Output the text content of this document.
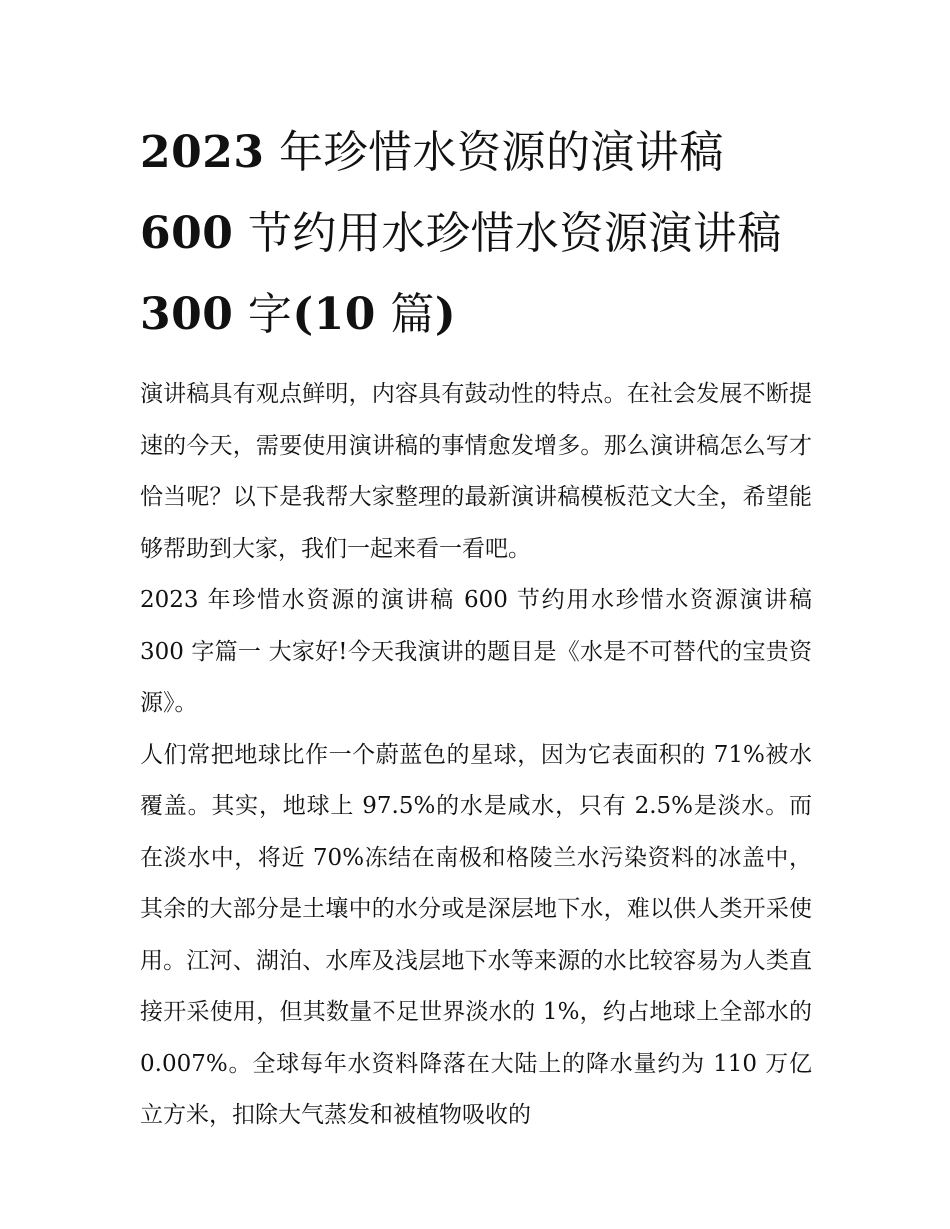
2023 年珍惜水资源的演讲稿 600 节约用水珍惜水资源演讲稿 300 字(10 篇)

演讲稿具有观点鲜明，内容具有鼓动性的特点。在社会发展不断提速的今天，需要使用演讲稿的事情愈发增多。那么演讲稿怎么写才恰当呢？以下是我帮大家整理的最新演讲稿模板范文大全，希望能够帮助到大家，我们一起来看一看吧。

2023 年珍惜水资源的演讲稿 600 节约用水珍惜水资源演讲稿 300 字篇一 大家好!今天我演讲的题目是《水是不可替代的宝贵资源》。

人们常把地球比作一个蔚蓝色的星球，因为它表面积的 71%被水覆盖。其实，地球上 97.5%的水是咸水，只有 2.5%是淡水。而在淡水中，将近 70%冻结在南极和格陵兰水污染资料的冰盖中，其余的大部分是土壤中的水分或是深层地下水，难以供人类开采使用。江河、湖泊、水库及浅层地下水等来源的水比较容易为人类直接开采使用，但其数量不足世界淡水的 1%，约占地球上全部水的 0.007%。全球每年水资料降落在大陆上的降水量约为 110 万亿立方米，扣除大气蒸发和被植物吸收的
